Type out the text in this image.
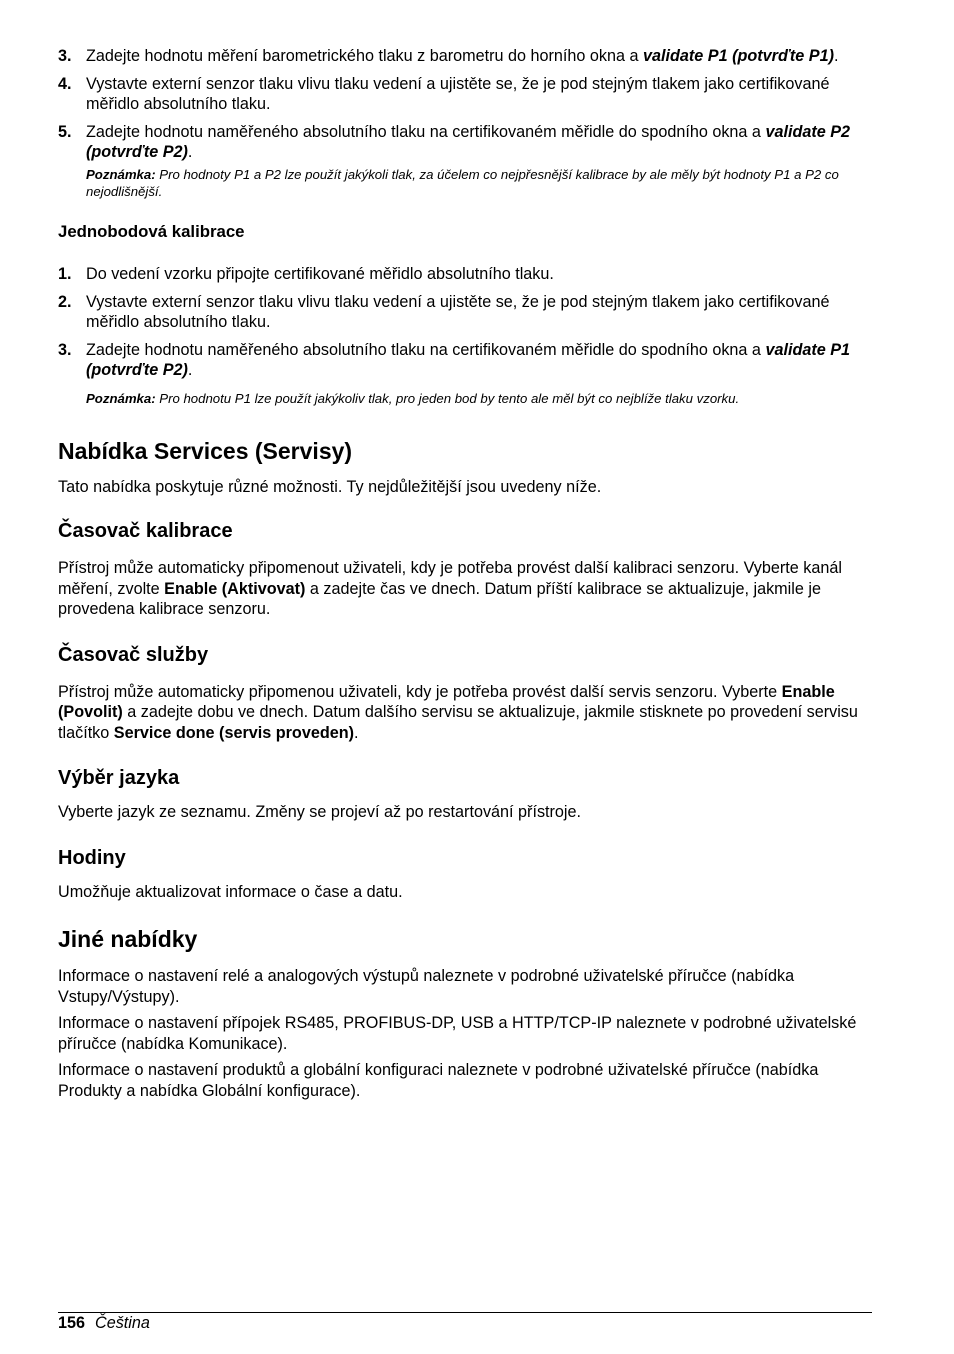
3. Zadejte hodnotu měření barometrického tlaku z barometru do horního okna a validate P1 (potvrďte P1).
4. Vystavte externí senzor tlaku vlivu tlaku vedení a ujistěte se, že je pod stejným tlakem jako certifikované měřidlo absolutního tlaku.
5. Zadejte hodnotu naměřeného absolutního tlaku na certifikovaném měřidle do spodního okna a validate P2 (potvrďte P2).
Poznámka: Pro hodnoty P1 a P2 lze použít jakýkoli tlak, za účelem co nejpřesnější kalibrace by ale měly být hodnoty P1 a P2 co nejodlišnější.
Jednobodová kalibrace
1. Do vedení vzorku připojte certifikované měřidlo absolutního tlaku.
2. Vystavte externí senzor tlaku vlivu tlaku vedení a ujistěte se, že je pod stejným tlakem jako certifikované měřidlo absolutního tlaku.
3. Zadejte hodnotu naměřeného absolutního tlaku na certifikovaném měřidle do spodního okna a validate P1 (potvrďte P2).
Poznámka: Pro hodnotu P1 lze použít jakýkoliv tlak, pro jeden bod by tento ale měl být co nejblíže tlaku vzorku.
Nabídka Services (Servisy)

Tato nabídka poskytuje různé možnosti. Ty nejdůležitější jsou uvedeny níže.

Časovač kalibrace

Přístroj může automaticky připomenout uživateli, kdy je potřeba provést další kalibraci senzoru. Vyberte kanál měření, zvolte Enable (Aktivovat) a zadejte čas ve dnech. Datum příští kalibrace se aktualizuje, jakmile je provedena kalibrace senzoru.

Časovač služby

Přístroj může automaticky připomenou uživateli, kdy je potřeba provést další servis senzoru. Vyberte Enable (Povolit) a zadejte dobu ve dnech. Datum dalšího servisu se aktualizuje, jakmile stisknete po provedení servisu tlačítko Service done (servis proveden).

Výběr jazyka

Vyberte jazyk ze seznamu. Změny se projeví až po restartování přístroje.

Hodiny

Umožňuje aktualizovat informace o čase a datu.

Jiné nabídky

Informace o nastavení relé a analogových výstupů naleznete v podrobné uživatelské příručce (nabídka Vstupy/Výstupy).

Informace o nastavení přípojek RS485, PROFIBUS-DP, USB a HTTP/TCP-IP naleznete v podrobné uživatelské příručce (nabídka Komunikace).

Informace o nastavení produktů a globální konfiguraci naleznete v podrobné uživatelské příručce (nabídka Produkty a nabídka Globální konfigurace).

156 Čeština
